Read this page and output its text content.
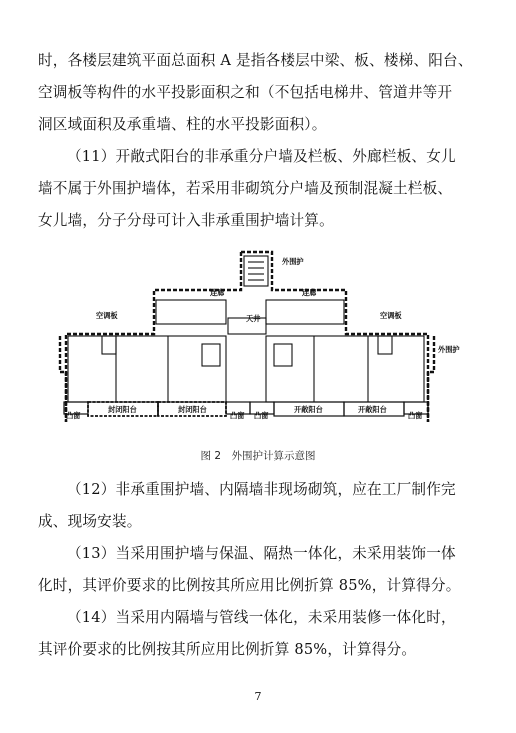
时，各楼层建筑平面总面积 A 是指各楼层中梁、板、楼梯、阳台、
空调板等构件的水平投影面积之和（不包括电梯井、管道井等开
洞区域面积及承重墙、柱的水平投影面积）。
（11）开敞式阳台的非承重分户墙及栏板、外廊栏板、女儿
墙不属于外围护墙体，若采用非砌筑分户墙及预制混凝土栏板、
女儿墙，分子分母可计入非承重围护墙计算。
外围护
外围护
连廊	连廊
天井
空调板	空调板
凸窗
封闭阳台	封闭阳台
凸窗 凸窗
开敞阳台	开敞阳台
凸窗
图 2　外围护计算示意图
（12）非承重围护墙、内隔墙非现场砌筑，应在工厂制作完
成、现场安装。
（13）当采用围护墙与保温、隔热一体化，未采用装饰一体
化时，其评价要求的比例按其所应用比例折算 85%，计算得分。
（14）当采用内隔墙与管线一体化，未采用装修一体化时，
其评价要求的比例按其所应用比例折算 85%，计算得分。
7
